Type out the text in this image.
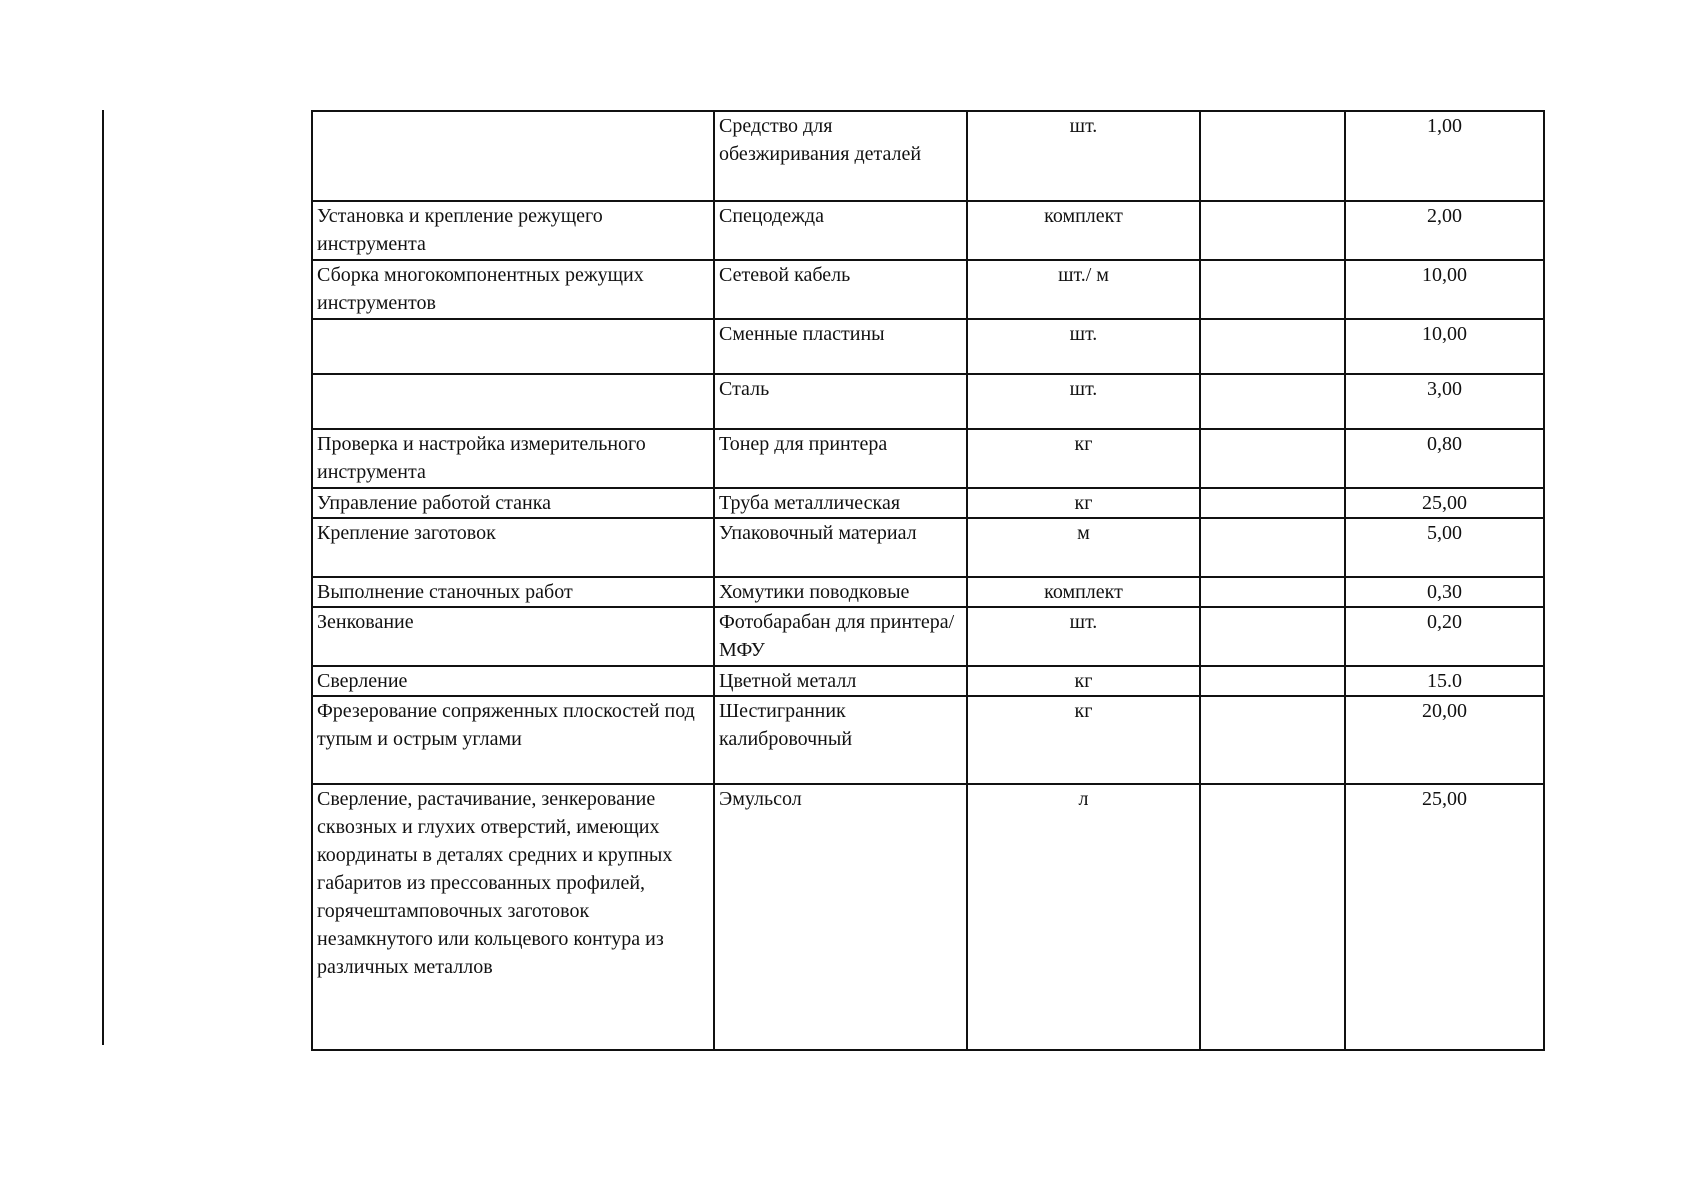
	Средство для обезжиривания деталей	шт.		1,00
Установка и крепление режущего инструмента	Спецодежда	комплект		2,00
Сборка многокомпонентных режущих инструментов	Сетевой кабель	шт./ м		10,00
	Сменные пластины	шт.		10,00
	Сталь	шт.		3,00
Проверка и настройка измерительного инструмента	Тонер для принтера	кг		0,80
Управление работой станка	Труба металлическая	кг		25,00
Крепление заготовок	Упаковочный материал	м		5,00
Выполнение станочных работ	Хомутики поводковые	комплект		0,30
Зенкование	Фотобарабан для принтера/МФУ	шт.		0,20
Сверление	Цветной металл	кг		15.0
Фрезерование сопряженных плоскостей под тупым и острым углами	Шестигранник калибровочный	кг		20,00
Сверление, растачивание, зенкерование сквозных и глухих отверстий, имеющих координаты в деталях средних и крупных габаритов из прессованных профилей, горячештамповочных заготовок незамкнутого или кольцевого контура из различных металлов	Эмульсол	л		25,00
